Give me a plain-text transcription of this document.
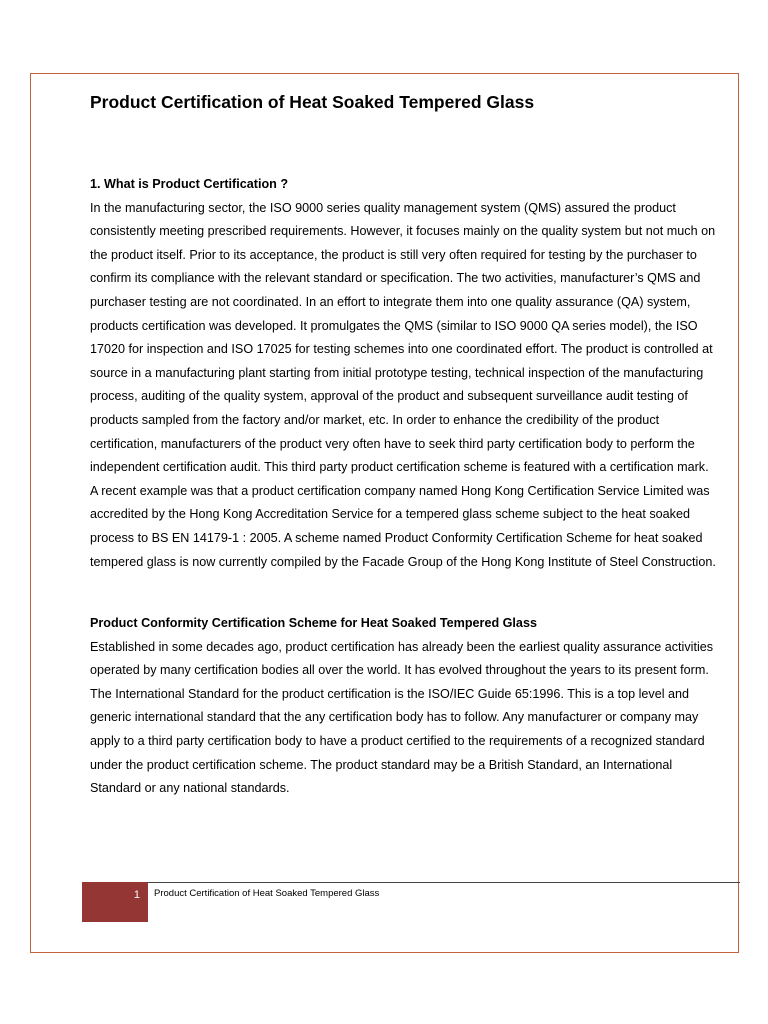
Product Certification of Heat Soaked Tempered Glass
1. What is Product Certification ?
In the manufacturing sector, the ISO 9000 series quality management system (QMS) assured the product
consistently meeting prescribed requirements. However, it focuses mainly on the quality system but not much on
the product itself. Prior to its acceptance, the product is still very often required for testing by the purchaser to
confirm its compliance with the relevant standard or specification. The two activities, manufacturer’s QMS and
purchaser testing are not coordinated. In an effort to integrate them into one quality assurance (QA) system,
products certification was developed. It promulgates the QMS (similar to ISO 9000 QA series model), the ISO
17020 for inspection and ISO 17025 for testing schemes into one coordinated effort. The product is controlled at
source in a manufacturing plant starting from initial prototype testing, technical inspection of the manufacturing
process, auditing of the quality system, approval of the product and subsequent surveillance audit testing of
products sampled from the factory and/or market, etc. In order to enhance the credibility of the product
certification, manufacturers of the product very often have to seek third party certification body to perform the
independent certification audit. This third party product certification scheme is featured with a certification mark.
A recent example was that a product certification company named Hong Kong Certification Service Limited was
accredited by the Hong Kong Accreditation Service for a tempered glass scheme subject to the heat soaked
process to BS EN 14179-1 : 2005. A scheme named Product Conformity Certification Scheme for heat soaked
tempered glass is now currently compiled by the Facade Group of the Hong Kong Institute of Steel Construction.
Product Conformity Certification Scheme for Heat Soaked Tempered Glass
Established in some decades ago, product certification has already been the earliest quality assurance activities
operated by many certification bodies all over the world. It has evolved throughout the years to its present form.
The International Standard for the product certification is the ISO/IEC Guide 65:1996. This is a top level and
generic international standard that the any certification body has to follow. Any manufacturer or company may
apply to a third party certification body to have a product certified to the requirements of a recognized standard
under the product certification scheme. The product standard may be a British Standard, an International
Standard or any national standards.
1 Product Certification of Heat Soaked Tempered Glass
